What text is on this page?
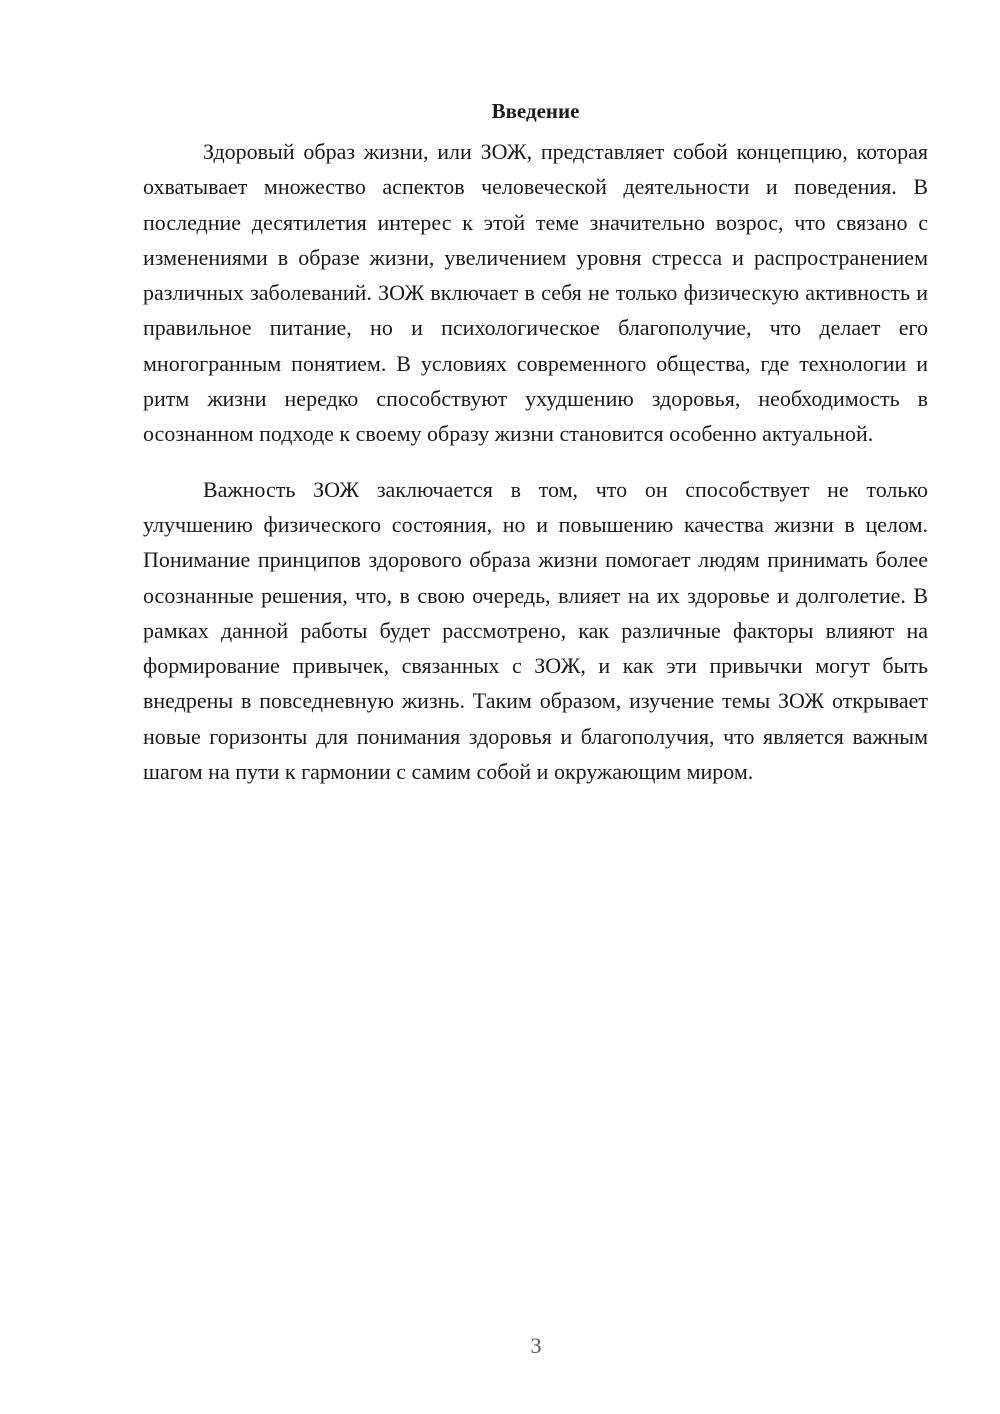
Введение

Здоровый образ жизни, или ЗОЖ, представляет собой концепцию, которая охватывает множество аспектов человеческой деятельности и поведения. В последние десятилетия интерес к этой теме значительно возрос, что связано с изменениями в образе жизни, увеличением уровня стресса и распространением различных заболеваний. ЗОЖ включает в себя не только физическую активность и правильное питание, но и психологическое благополучие, что делает его многогранным понятием. В условиях современного общества, где технологии и ритм жизни нередко способствуют ухудшению здоровья, необходимость в осознанном подходе к своему образу жизни становится особенно актуальной.

Важность ЗОЖ заключается в том, что он способствует не только улучшению физического состояния, но и повышению качества жизни в целом. Понимание принципов здорового образа жизни помогает людям принимать более осознанные решения, что, в свою очередь, влияет на их здоровье и долголетие. В рамках данной работы будет рассмотрено, как различные факторы влияют на формирование привычек, связанных с ЗОЖ, и как эти привычки могут быть внедрены в повседневную жизнь. Таким образом, изучение темы ЗОЖ открывает новые горизонты для понимания здоровья и благополучия, что является важным шагом на пути к гармонии с самим собой и окружающим миром.

3
